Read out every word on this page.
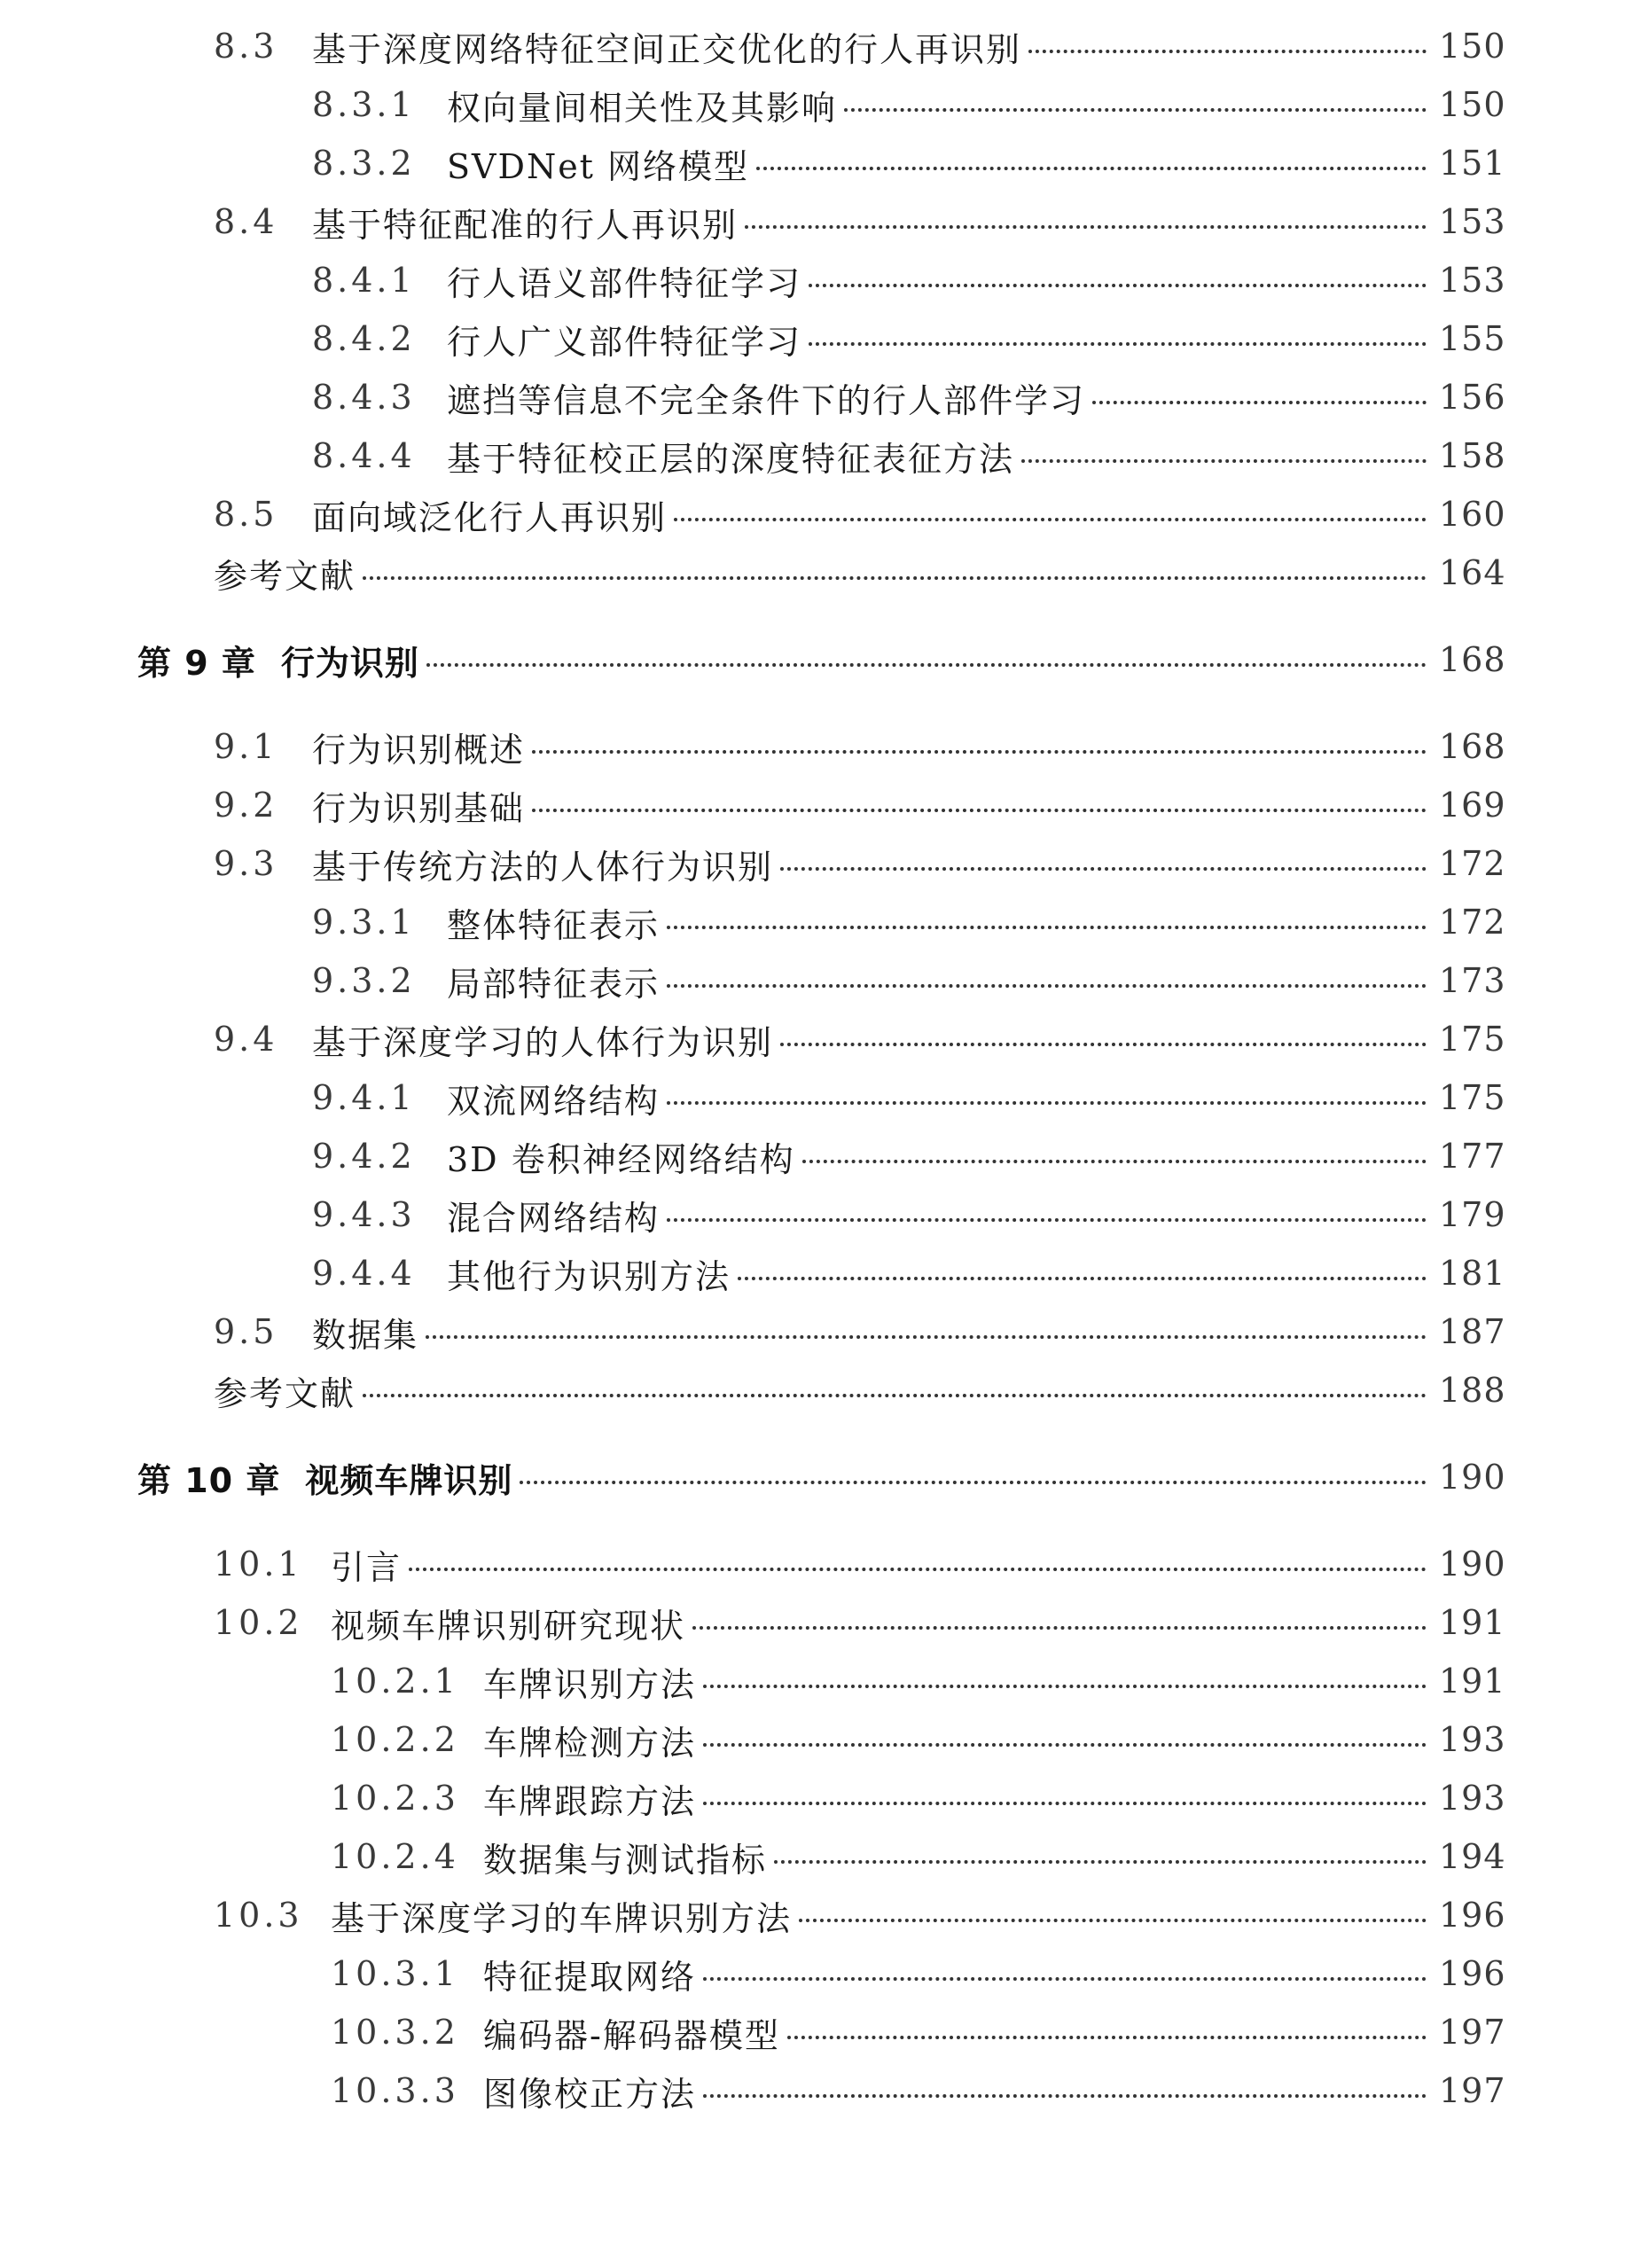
8.3	基于深度网络特征空间正交优化的行人再识别	150
8.3.1 权向量间相关性及其影响	150
8.3.2 SVDNet 网络模型	151
8.4	基于特征配准的行人再识别	153
8.4.1 行人语义部件特征学习	153
8.4.2 行人广义部件特征学习	155
8.4.3 遮挡等信息不完全条件下的行人部件学习	156
8.4.4 基于特征校正层的深度特征表征方法	158
8.5	面向域泛化行人再识别	160
参考文献	164
第 9 章 行为识别	168
9.1	行为识别概述	168
9.2	行为识别基础	169
9.3	基于传统方法的人体行为识别	172
9.3.1 整体特征表示	172
9.3.2 局部特征表示	173
9.4	基于深度学习的人体行为识别	175
9.4.1 双流网络结构	175
9.4.2 3D 卷积神经网络结构	177
9.4.3 混合网络结构	179
9.4.4 其他行为识别方法	181
9.5	数据集	187
参考文献	188
第 10 章 视频车牌识别	190
10.1 引言	190
10.2 视频车牌识别研究现状	191
10.2.1 车牌识别方法	191
10.2.2 车牌检测方法	193
10.2.3 车牌跟踪方法	193
10.2.4 数据集与测试指标	194
10.3 基于深度学习的车牌识别方法	196
10.3.1 特征提取网络	196
10.3.2 编码器-解码器模型	197
10.3.3 图像校正方法	197
